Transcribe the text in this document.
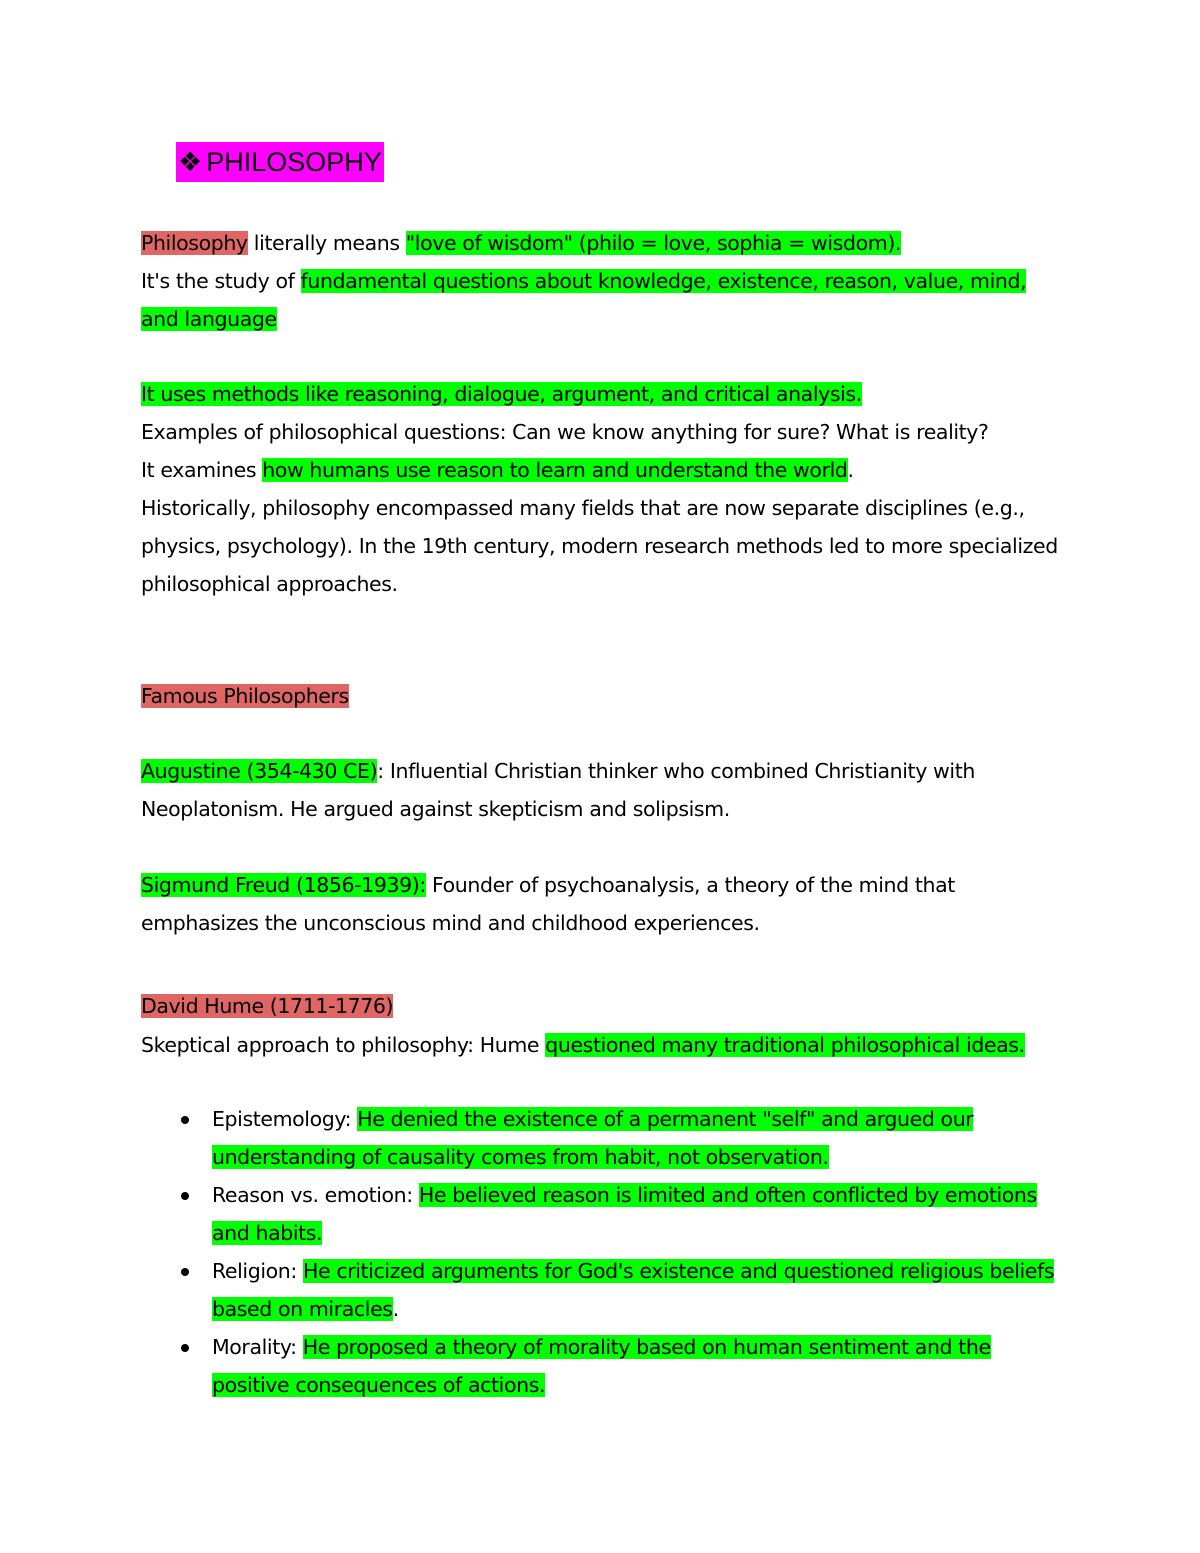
❖ PHILOSOPHY

Philosophy literally means "love of wisdom" (philo = love, sophia = wisdom).
It's the study of fundamental questions about knowledge, existence, reason, value, mind, and language

It uses methods like reasoning, dialogue, argument, and critical analysis.
Examples of philosophical questions: Can we know anything for sure? What is reality?
It examines how humans use reason to learn and understand the world.
Historically, philosophy encompassed many fields that are now separate disciplines (e.g., physics, psychology). In the 19th century, modern research methods led to more specialized philosophical approaches.

Famous Philosophers

Augustine (354-430 CE): Influential Christian thinker who combined Christianity with Neoplatonism. He argued against skepticism and solipsism.

Sigmund Freud (1856-1939): Founder of psychoanalysis, a theory of the mind that emphasizes the unconscious mind and childhood experiences.

David Hume (1711-1776)

Skeptical approach to philosophy: Hume questioned many traditional philosophical ideas.

Epistemology: He denied the existence of a permanent "self" and argued our understanding of causality comes from habit, not observation.
Reason vs. emotion: He believed reason is limited and often conflicted by emotions and habits.
Religion: He criticized arguments for God's existence and questioned religious beliefs based on miracles.
Morality: He proposed a theory of morality based on human sentiment and the positive consequences of actions.
